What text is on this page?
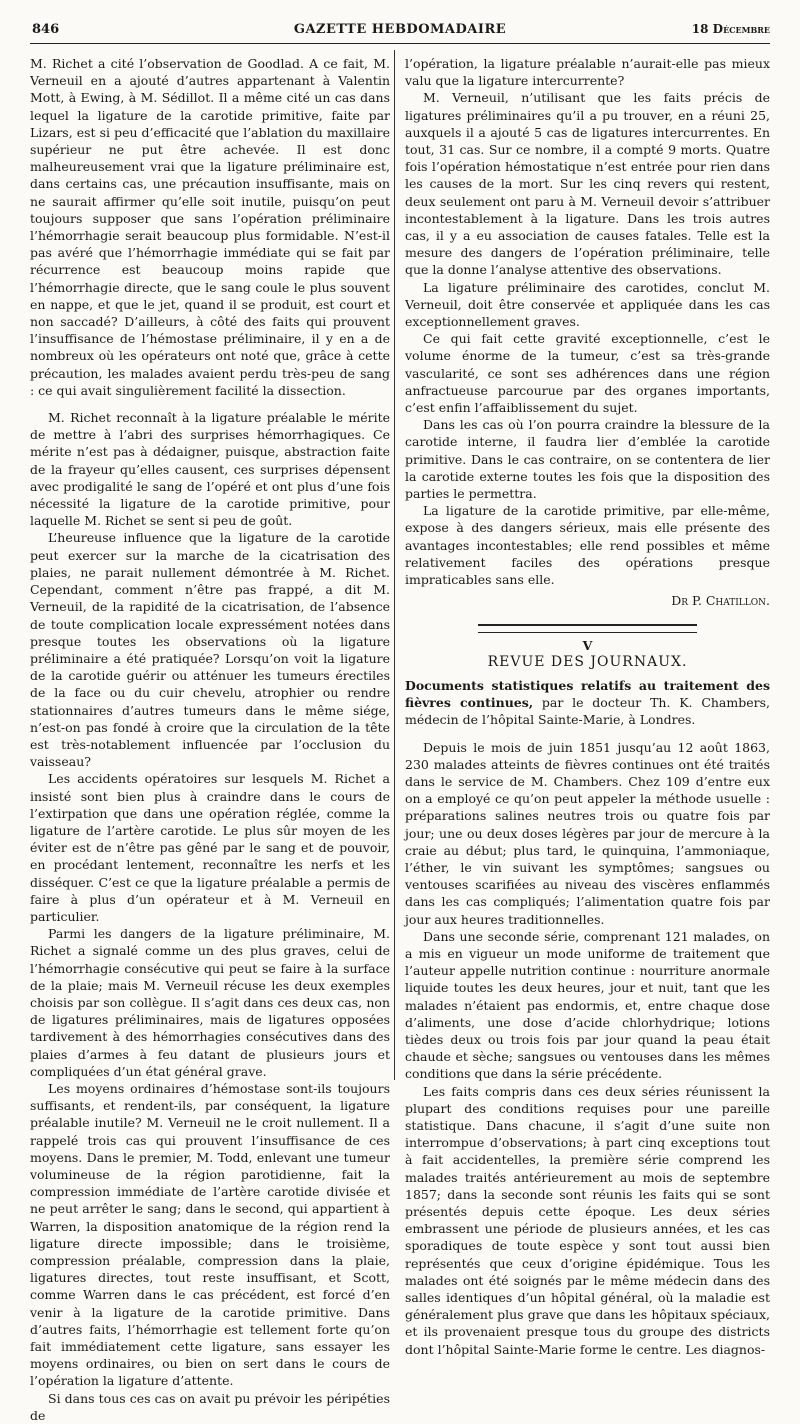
846	GAZETTE HEBDOMADAIRE	18 Décembre

M. Richet a cité l’observation de Goodlad. A ce fait, M. Verneuil en a ajouté d’autres appartenant à Valentin Mott, à Ewing, à M. Sédillot. Il a même cité un cas dans lequel la ligature de la carotide primitive, faite par Lizars, est si peu d’efficacité que l’ablation du maxillaire supérieur ne put être achevée. Il est donc malheureusement vrai que la ligature préliminaire est, dans certains cas, une précaution insuffisante, mais on ne saurait affirmer qu’elle soit inutile, puisqu’on peut toujours supposer que sans l’opération préliminaire l’hémorrhagie serait beaucoup plus formidable. N’est-il pas avéré que l’hémorrhagie immédiate qui se fait par récurrence est beaucoup moins rapide que l’hémorrhagie directe, que le sang coule le plus souvent en nappe, et que le jet, quand il se produit, est court et non saccadé? D’ailleurs, à côté des faits qui prouvent l’insuffisance de l’hémostase préliminaire, il y en a de nombreux où les opérateurs ont noté que, grâce à cette précaution, les malades avaient perdu très-peu de sang : ce qui avait singulièrement facilité la dissection.

M. Richet reconnaît à la ligature préalable le mérite de mettre à l’abri des surprises hémorrhagiques. Ce mérite n’est pas à dédaigner, puisque, abstraction faite de la frayeur qu’elles causent, ces surprises dépensent avec prodigalité le sang de l’opéré et ont plus d’une fois nécessité la ligature de la carotide primitive, pour laquelle M. Richet se sent si peu de goût.

L’heureuse influence que la ligature de la carotide peut exercer sur la marche de la cicatrisation des plaies, ne parait nullement démontrée à M. Richet. Cependant, comment n’être pas frappé, a dit M. Verneuil, de la rapidité de la cicatrisation, de l’absence de toute complication locale expressément notées dans presque toutes les observations où la ligature préliminaire a été pratiquée? Lorsqu’on voit la ligature de la carotide guérir ou atténuer les tumeurs érectiles de la face ou du cuir chevelu, atrophier ou rendre stationnaires d’autres tumeurs dans le même siége, n’est-on pas fondé à croire que la circulation de la tête est très-notablement influencée par l’occlusion du vaisseau?

Les accidents opératoires sur lesquels M. Richet a insisté sont bien plus à craindre dans le cours de l’extirpation que dans une opération réglée, comme la ligature de l’artère carotide. Le plus sûr moyen de les éviter est de n’être pas gêné par le sang et de pouvoir, en procédant lentement, reconnaître les nerfs et les disséquer. C’est ce que la ligature préalable a permis de faire à plus d’un opérateur et à M. Verneuil en particulier.

Parmi les dangers de la ligature préliminaire, M. Richet a signalé comme un des plus graves, celui de l’hémorrhagie consécutive qui peut se faire à la surface de la plaie; mais M. Verneuil récuse les deux exemples choisis par son collègue. Il s’agit dans ces deux cas, non de ligatures préliminaires, mais de ligatures opposées tardivement à des hémorrhagies consécutives dans des plaies d’armes à feu datant de plusieurs jours et compliquées d’un état général grave.

Les moyens ordinaires d’hémostase sont-ils toujours suffisants, et rendent-ils, par conséquent, la ligature préalable inutile? M. Verneuil ne le croit nullement. Il a rappelé trois cas qui prouvent l’insuffisance de ces moyens. Dans le premier, M. Todd, enlevant une tumeur volumineuse de la région parotidienne, fait la compression immédiate de l’artère carotide divisée et ne peut arrêter le sang; dans le second, qui appartient à Warren, la disposition anatomique de la région rend la ligature directe impossible; dans le troisième, compression préalable, compression dans la plaie, ligatures directes, tout reste insuffisant, et Scott, comme Warren dans le cas précédent, est forcé d’en venir à la ligature de la carotide primitive. Dans d’autres faits, l’hémorrhagie est tellement forte qu’on fait immédiatement cette ligature, sans essayer les moyens ordinaires, ou bien on sert dans le cours de l’opération la ligature d’attente.

Si dans tous ces cas on avait pu prévoir les péripéties de

l’opération, la ligature préalable n’aurait-elle pas mieux valu que la ligature intercurrente?

M. Verneuil, n’utilisant que les faits précis de ligatures préliminaires qu’il a pu trouver, en a réuni 25, auxquels il a ajouté 5 cas de ligatures intercurrentes. En tout, 31 cas. Sur ce nombre, il a compté 9 morts. Quatre fois l’opération hémostatique n’est entrée pour rien dans les causes de la mort. Sur les cinq revers qui restent, deux seulement ont paru à M. Verneuil devoir s’attribuer incontestablement à la ligature. Dans les trois autres cas, il y a eu association de causes fatales. Telle est la mesure des dangers de l’opération préliminaire, telle que la donne l’analyse attentive des observations.

La ligature préliminaire des carotides, conclut M. Verneuil, doit être conservée et appliquée dans les cas exceptionnellement graves.

Ce qui fait cette gravité exceptionnelle, c’est le volume énorme de la tumeur, c’est sa très-grande vascularité, ce sont ses adhérences dans une région anfractueuse parcourue par des organes importants, c’est enfin l’affaiblissement du sujet.

Dans les cas où l’on pourra craindre la blessure de la carotide interne, il faudra lier d’emblée la carotide primitive. Dans le cas contraire, on se contentera de lier la carotide externe toutes les fois que la disposition des parties le permettra.

La ligature de la carotide primitive, par elle-même, expose à des dangers sérieux, mais elle présente des avantages incontestables; elle rend possibles et même relativement faciles des opérations presque impraticables sans elle.

Dr P. Chatillon.
V
REVUE DES JOURNAUX.

Documents statistiques relatifs au traitement des fièvres continues, par le docteur Th. K. Chambers, médecin de l’hôpital Sainte-Marie, à Londres.

Depuis le mois de juin 1851 jusqu’au 12 août 1863, 230 malades atteints de fièvres continues ont été traités dans le service de M. Chambers. Chez 109 d’entre eux on a employé ce qu’on peut appeler la méthode usuelle : préparations salines neutres trois ou quatre fois par jour; une ou deux doses légères par jour de mercure à la craie au début; plus tard, le quinquina, l’ammoniaque, l’éther, le vin suivant les symptômes; sangsues ou ventouses scarifiées au niveau des viscères enflammés dans les cas compliqués; l’alimentation quatre fois par jour aux heures traditionnelles.

Dans une seconde série, comprenant 121 malades, on a mis en vigueur un mode uniforme de traitement que l’auteur appelle nutrition continue : nourriture anormale liquide toutes les deux heures, jour et nuit, tant que les malades n’étaient pas endormis, et, entre chaque dose d’aliments, une dose d’acide chlorhydrique; lotions tièdes deux ou trois fois par jour quand la peau était chaude et sèche; sangsues ou ventouses dans les mêmes conditions que dans la série précédente.

Les faits compris dans ces deux séries réunissent la plupart des conditions requises pour une pareille statistique. Dans chacune, il s’agit d’une suite non interrompue d’observations; à part cinq exceptions tout à fait accidentelles, la première série comprend les malades traités antérieurement au mois de septembre 1857; dans la seconde sont réunis les faits qui se sont présentés depuis cette époque. Les deux séries embrassent une période de plusieurs années, et les cas sporadiques de toute espèce y sont tout aussi bien représentés que ceux d’origine épidémique. Tous les malades ont été soignés par le même médecin dans des salles identiques d’un hôpital général, où la maladie est généralement plus grave que dans les hôpitaux spéciaux, et ils provenaient presque tous du groupe des districts dont l’hôpital Sainte-Marie forme le centre. Les diagnos-
